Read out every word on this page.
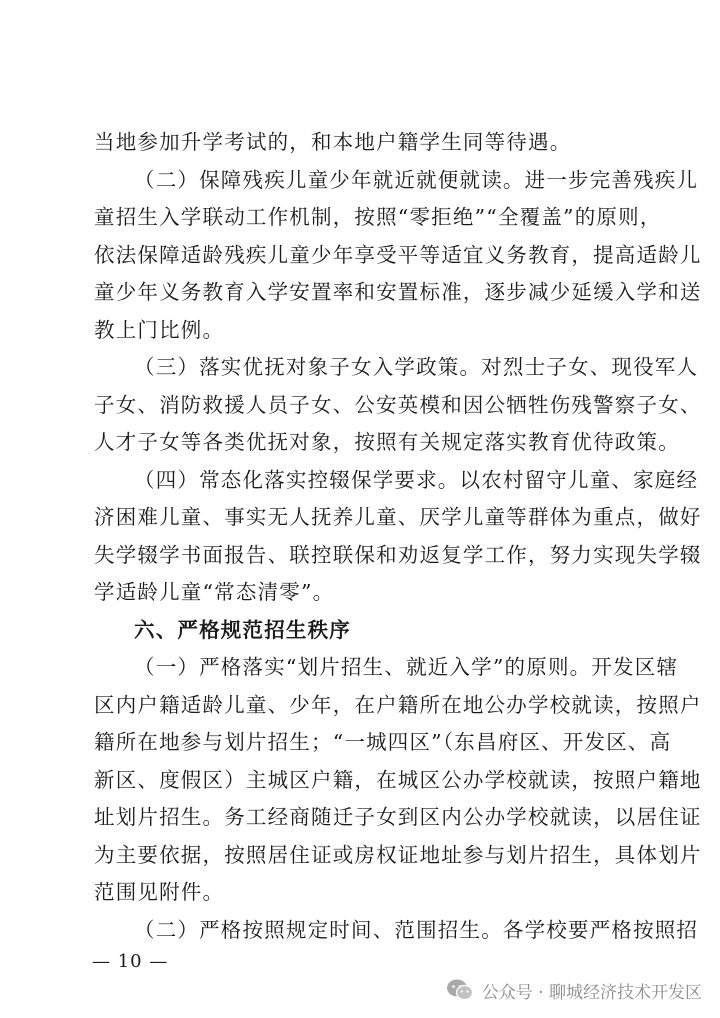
当地参加升学考试的，和本地户籍学生同等待遇。
（二）保障残疾儿童少年就近就便就读。进一步完善残疾儿
童招生入学联动工作机制，按照“零拒绝”“全覆盖”的原则，
依法保障适龄残疾儿童少年享受平等适宜义务教育，提高适龄儿
童少年义务教育入学安置率和安置标准，逐步减少延缓入学和送
教上门比例。
（三）落实优抚对象子女入学政策。对烈士子女、现役军人
子女、消防救援人员子女、公安英模和因公牺牲伤残警察子女、
人才子女等各类优抚对象，按照有关规定落实教育优待政策。
（四）常态化落实控辍保学要求。以农村留守儿童、家庭经
济困难儿童、事实无人抚养儿童、厌学儿童等群体为重点，做好
失学辍学书面报告、联控联保和劝返复学工作，努力实现失学辍
学适龄儿童“常态清零”。
六、严格规范招生秩序
（一）严格落实“划片招生、就近入学”的原则。开发区辖
区内户籍适龄儿童、少年，在户籍所在地公办学校就读，按照户
籍所在地参与划片招生；“一城四区”（东昌府区、开发区、高
新区、度假区）主城区户籍，在城区公办学校就读，按照户籍地
址划片招生。务工经商随迁子女到区内公办学校就读，以居住证
为主要依据，按照居住证或房权证地址参与划片招生，具体划片
范围见附件。
（二）严格按照规定时间、范围招生。各学校要严格按照招
— 10 —
公众号 · 聊城经济技术开发区
